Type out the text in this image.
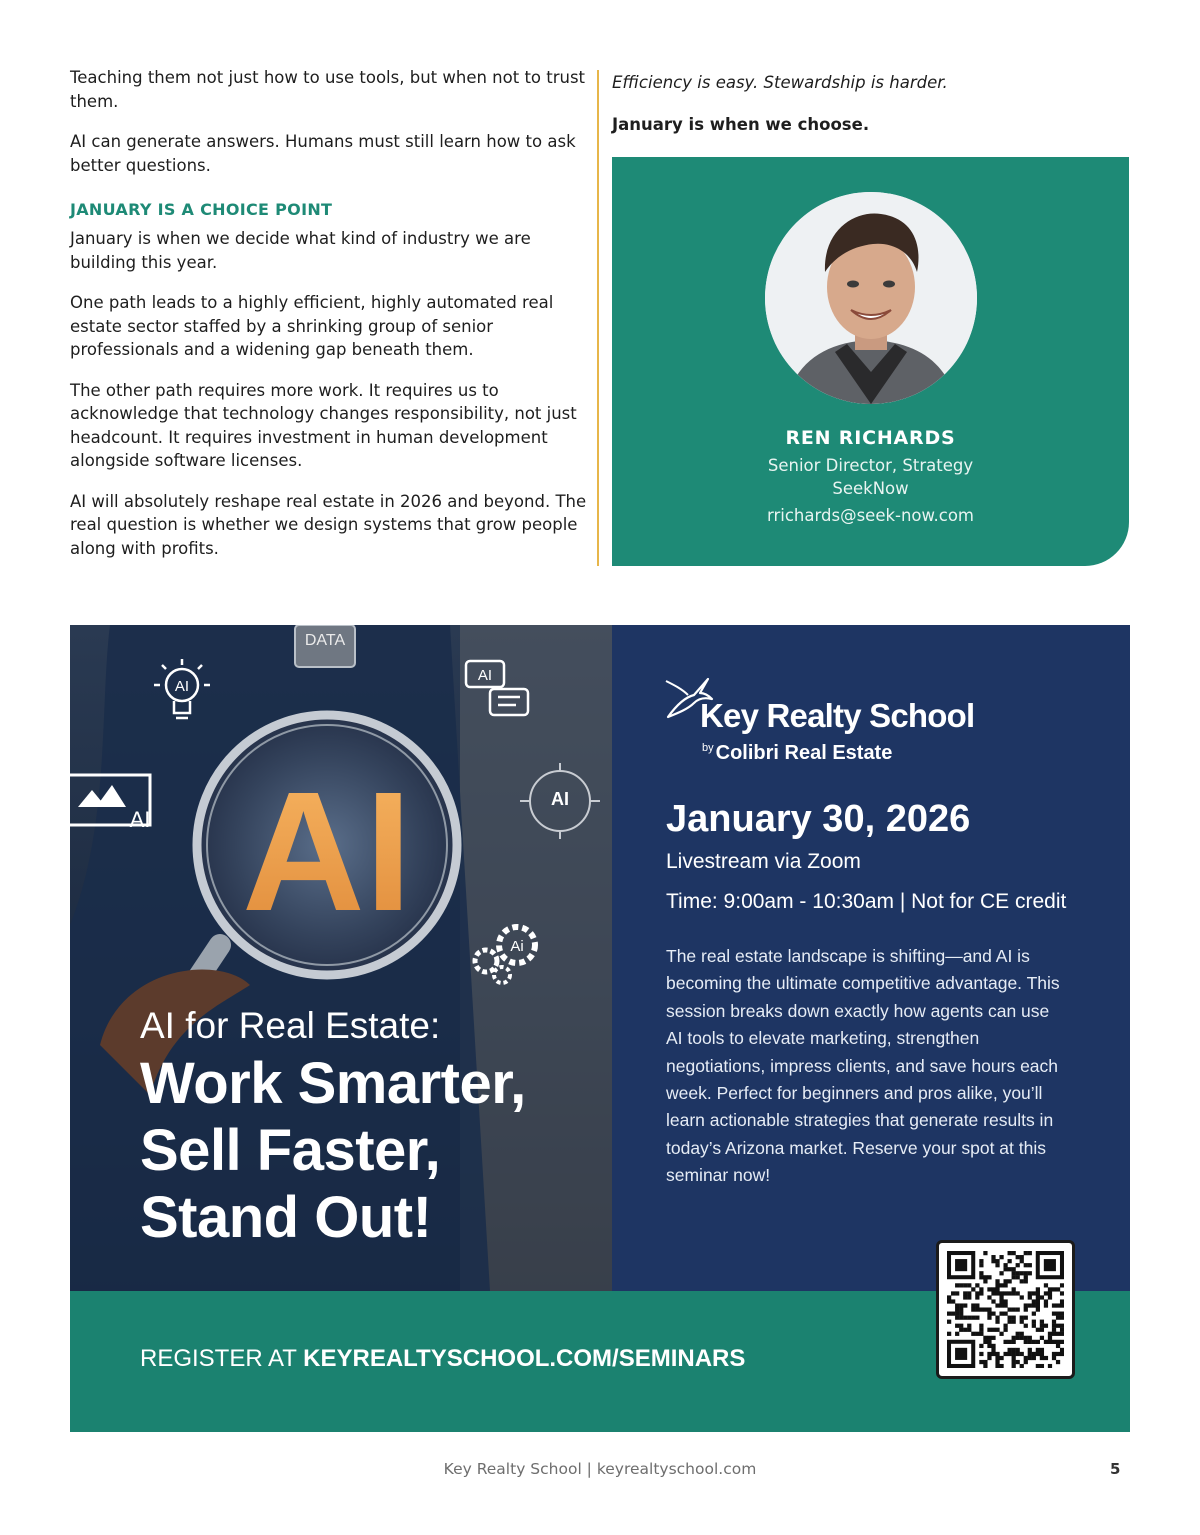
Teaching them not just how to use tools, but when not to trust them.

AI can generate answers. Humans must still learn how to ask better questions.

JANUARY IS A CHOICE POINT

January is when we decide what kind of industry we are building this year.

One path leads to a highly efficient, highly automated real estate sector staffed by a shrinking group of senior professionals and a widening gap beneath them.

The other path requires more work. It requires us to acknowledge that technology changes responsibility, not just headcount. It requires investment in human development alongside software licenses.

AI will absolutely reshape real estate in 2026 and beyond. The real question is whether we design systems that grow people along with profits.

Efficiency is easy. Stewardship is harder.

January is when we choose.

REN RICHARDS
Senior Director, Strategy
SeekNow
rrichards@seek-now.com
DATA
AI
AI
AI
AI
Ai
AI
AI for Real Estate:
Work Smarter,
Sell Faster,
Stand Out!
Key Realty School
$^{by}$ Colibri Real Estate
January 30, 2026
Livestream via Zoom
Time: 9:00am - 10:30am | Not for CE credit
The real estate landscape is shifting—and AI is becoming the ultimate competitive advantage. This session breaks down exactly how agents can use AI tools to elevate marketing, strengthen negotiations, impress clients, and save hours each week. Perfect for beginners and pros alike, you’ll learn actionable strategies that generate results in today’s Arizona market. Reserve your spot at this seminar now!
REGISTER AT KEYREALTYSCHOOL.COM/SEMINARS
Key Realty School | keyrealtyschool.com	5
